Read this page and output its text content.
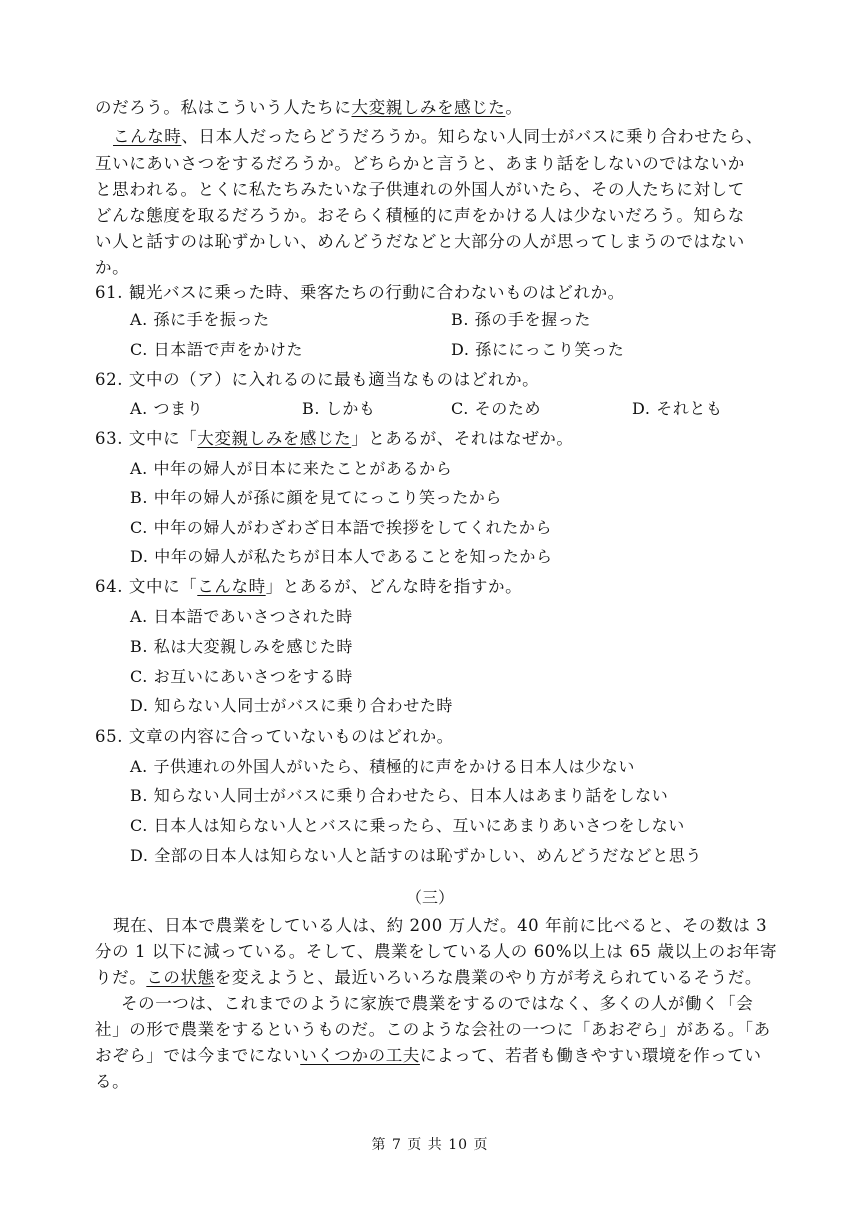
のだろう。私はこういう人たちに大変親しみを感じた。
こんな時、日本人だったらどうだろうか。知らない人同士がバスに乗り合わせたら、
互いにあいさつをするだろうか。どちらかと言うと、あまり話をしないのではないか
と思われる。とくに私たちみたいな子供連れの外国人がいたら、その人たちに対して
どんな態度を取るだろうか。おそらく積極的に声をかける人は少ないだろう。知らな
い人と話すのは恥ずかしい、めんどうだなどと大部分の人が思ってしまうのではない
か。
61. 観光バスに乗った時、乗客たちの行動に合わないものはどれか。
A. 孫に手を振った	B. 孫の手を握った
C. 日本語で声をかけた	D. 孫ににっこり笑った
62. 文中の（ア）に入れるのに最も適当なものはどれか。
A. つまり	B. しかも	C. そのため	D. それとも
63. 文中に「大変親しみを感じた」とあるが、それはなぜか。
A. 中年の婦人が日本に来たことがあるから
B. 中年の婦人が孫に顔を見てにっこり笑ったから
C. 中年の婦人がわざわざ日本語で挨拶をしてくれたから
D. 中年の婦人が私たちが日本人であることを知ったから
64. 文中に「こんな時」とあるが、どんな時を指すか。
A. 日本語であいさつされた時
B. 私は大変親しみを感じた時
C. お互いにあいさつをする時
D. 知らない人同士がバスに乗り合わせた時
65. 文章の内容に合っていないものはどれか。
A. 子供連れの外国人がいたら、積極的に声をかける日本人は少ない
B. 知らない人同士がバスに乗り合わせたら、日本人はあまり話をしない
C. 日本人は知らない人とバスに乗ったら、互いにあまりあいさつをしない
D. 全部の日本人は知らない人と話すのは恥ずかしい、めんどうだなどと思う
（三）
現在、日本で農業をしている人は、約 200 万人だ。40 年前に比べると、その数は 3
分の 1 以下に減っている。そして、農業をしている人の 60%以上は 65 歳以上のお年寄
りだ。この状態を変えようと、最近いろいろな農業のやり方が考えられているそうだ。
その一つは、これまでのように家族で農業をするのではなく、多くの人が働く「会
社」の形で農業をするというものだ。このような会社の一つに「あおぞら」がある。「あ
おぞら」では今までにないいくつかの工夫によって、若者も働きやすい環境を作ってい
る。
第 7 页 共 10 页
